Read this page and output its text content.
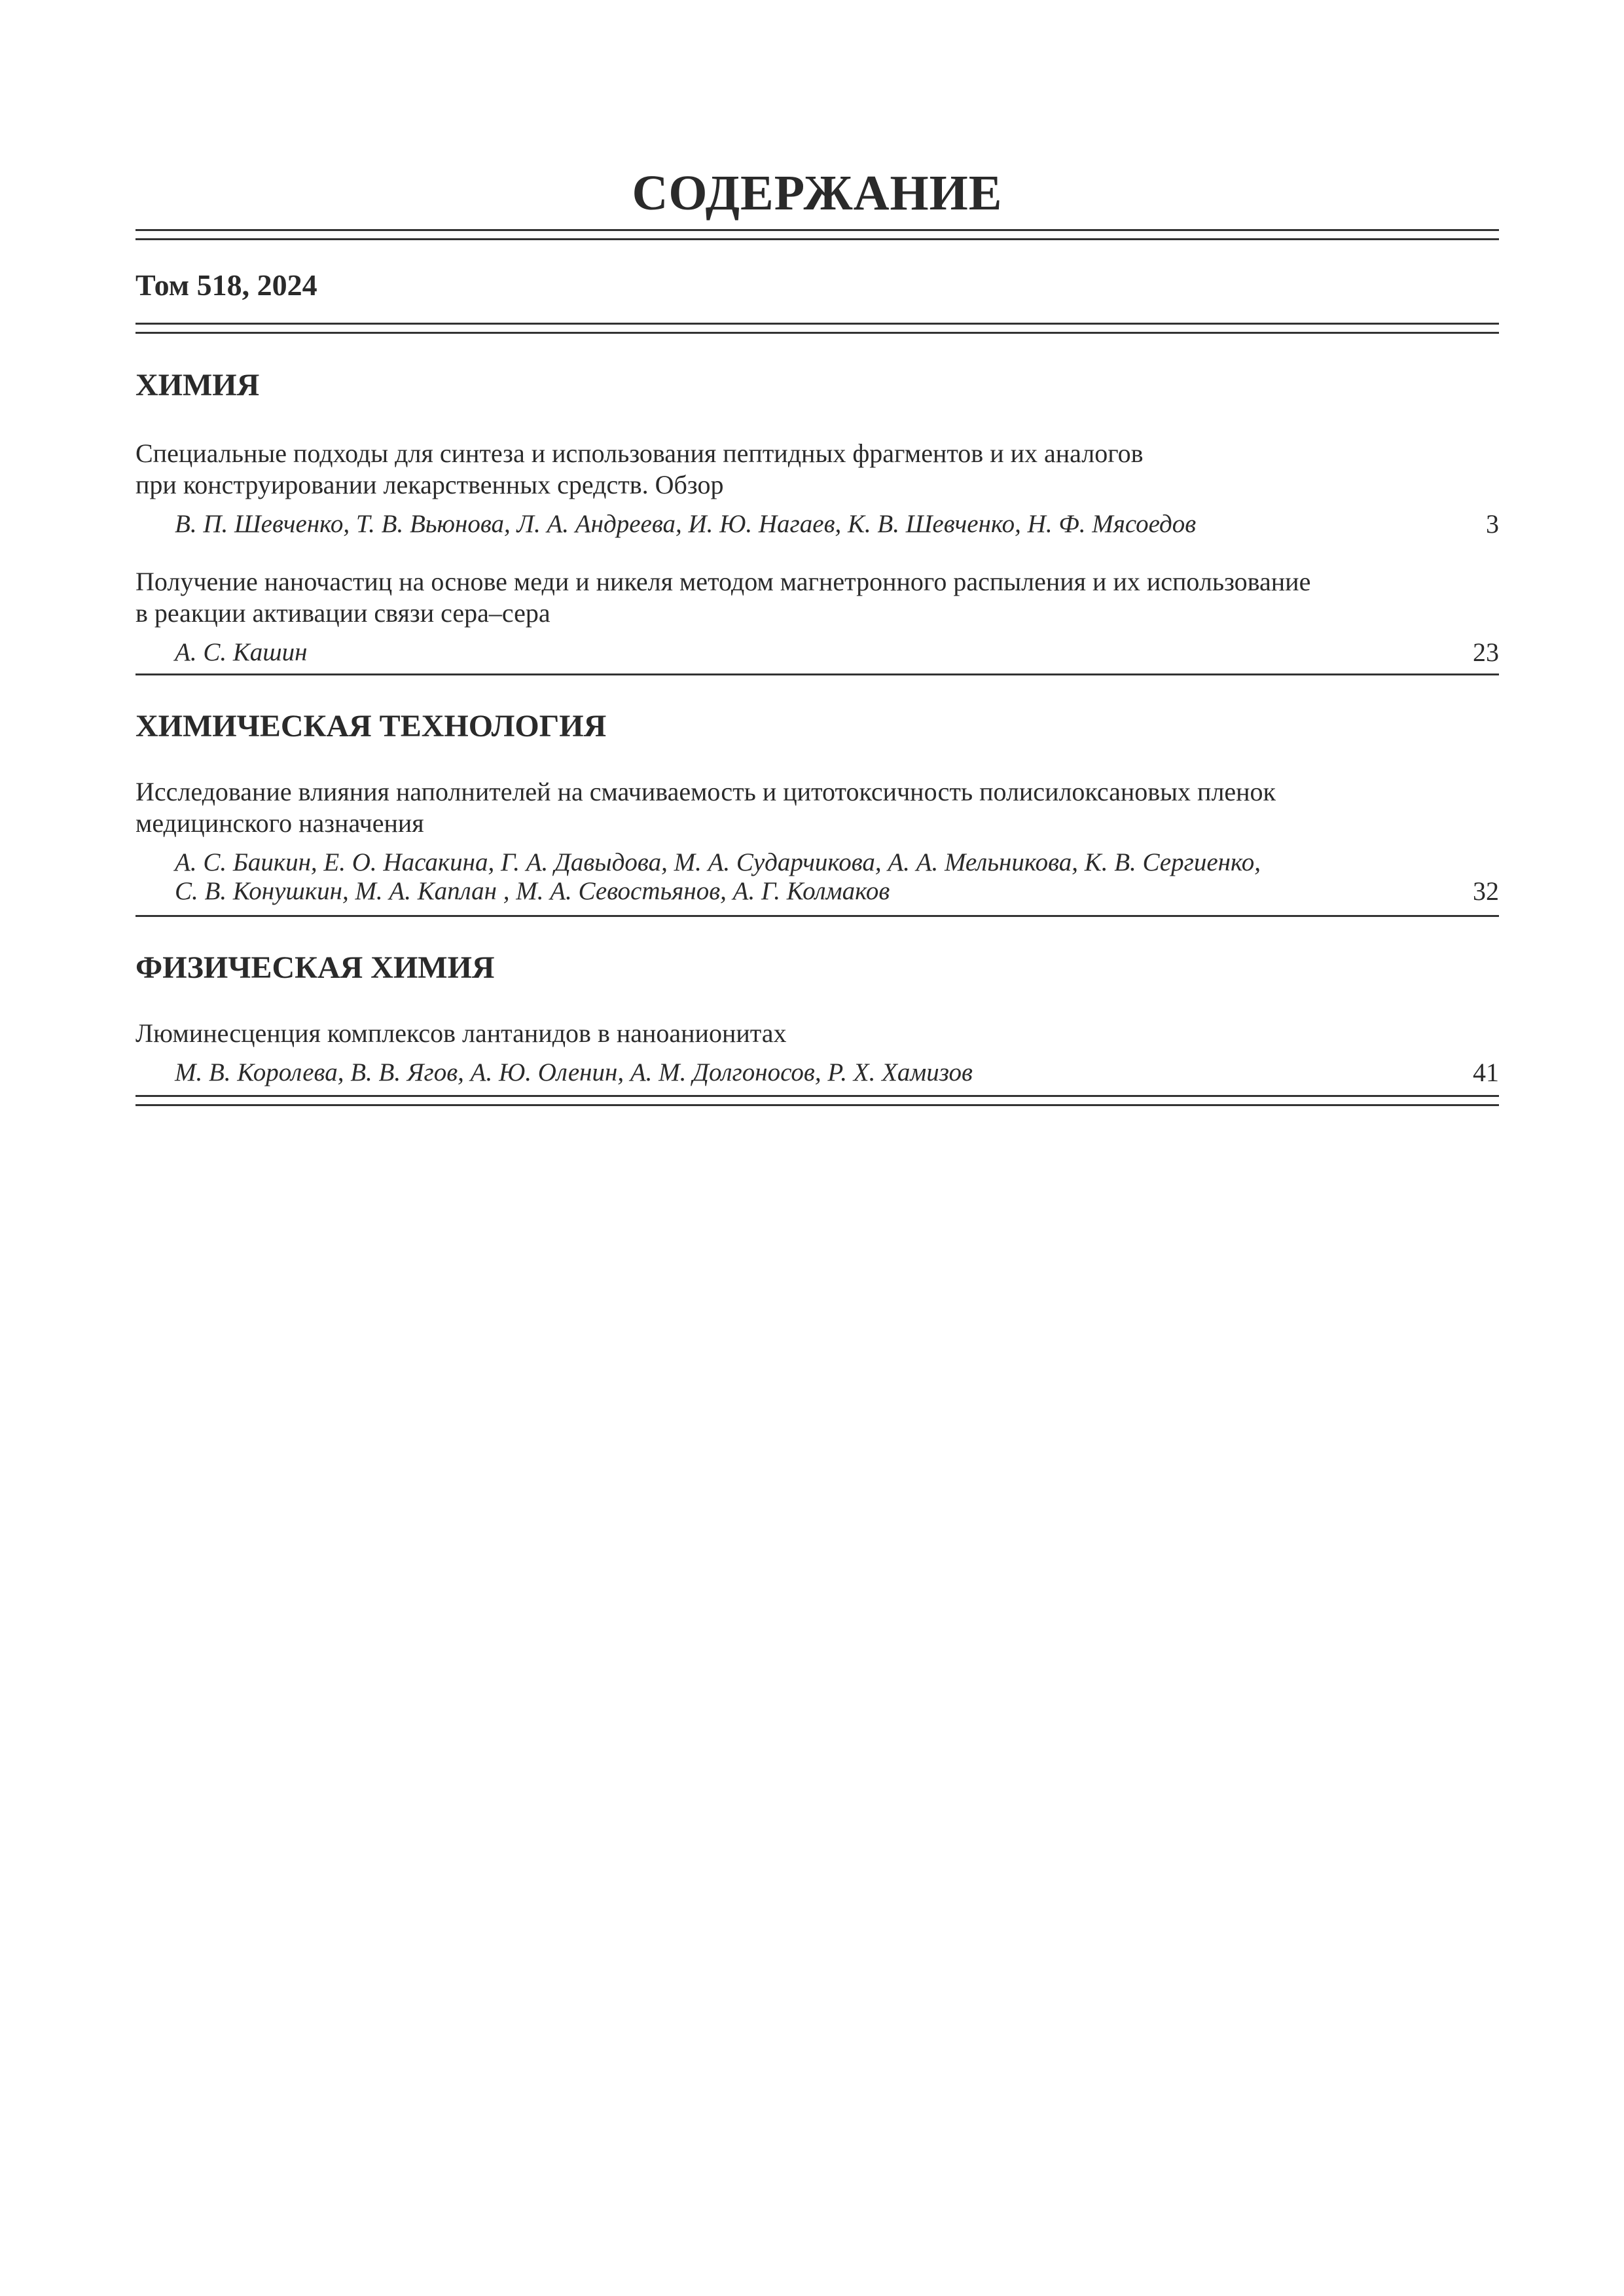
СОДЕРЖАНИЕ
Том 518, 2024
ХИМИЯ
Специальные подходы для синтеза и использования пептидных фрагментов и их аналогов
при конструировании лекарственных средств. Обзор
В. П. Шевченко, Т. В. Вьюнова, Л. А. Андреева, И. Ю. Нагаев, К. В. Шевченко, Н. Ф. Мясоедов	3
Получение наночастиц на основе меди и никеля методом магнетронного распыления и их использование
в реакции активации связи сера–сера
А. С. Кашин	23
ХИМИЧЕСКАЯ ТЕХНОЛОГИЯ
Исследование влияния наполнителей на смачиваемость и цитотоксичность полисилоксановых пленок
медицинского назначения
А. С. Баикин, Е. О. Насакина, Г. А. Давыдова, М. А. Сударчикова, А. А. Мельникова, К. В. Сергиенко,
С. В. Конушкин, М. А. Каплан , М. А. Севостьянов, А. Г. Колмаков	32
ФИЗИЧЕСКАЯ ХИМИЯ
Люминесценция комплексов лантанидов в наноанионитах
М. В. Королева, В. В. Ягов, А. Ю. Оленин, А. М. Долгоносов, Р. Х. Хамизов	41
